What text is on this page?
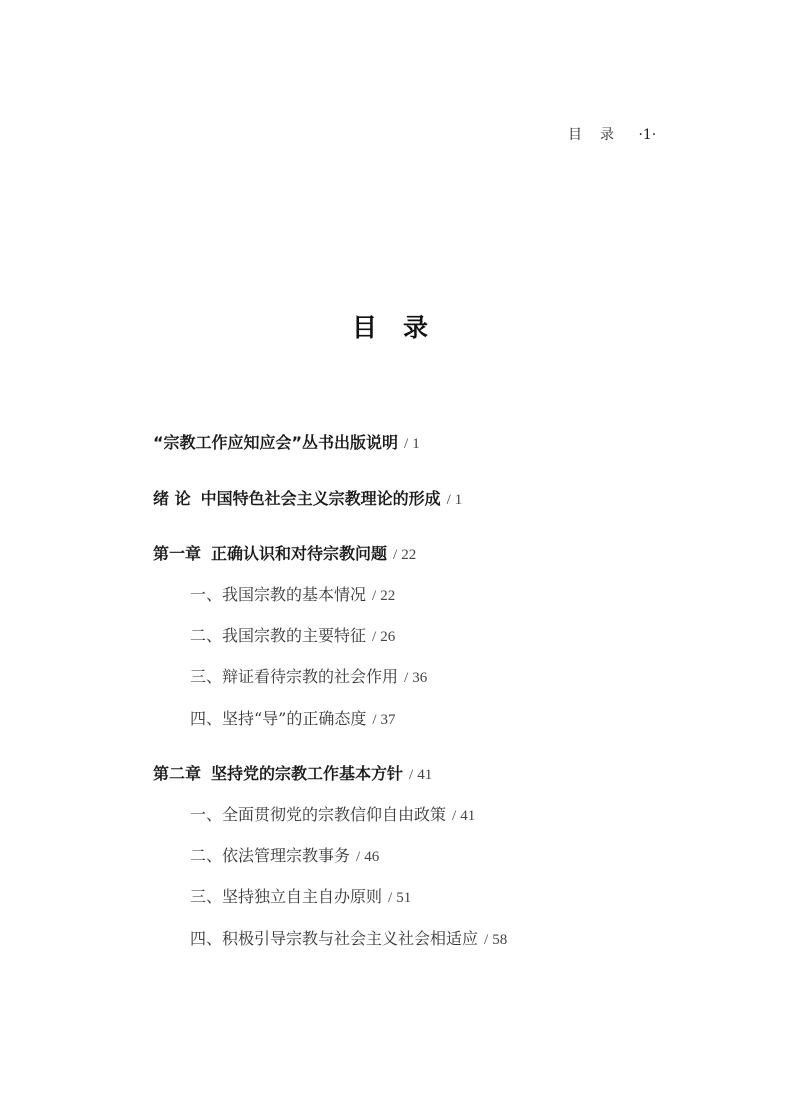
目录 ·1·
目录
“宗教工作应知应会”丛书出版说明 / 1
绪 论 中国特色社会主义宗教理论的形成 / 1
第一章 正确认识和对待宗教问题 / 22
一、我国宗教的基本情况 / 22
二、我国宗教的主要特征 / 26
三、辩证看待宗教的社会作用 / 36
四、坚持“导”的正确态度 / 37
第二章 坚持党的宗教工作基本方针 / 41
一、全面贯彻党的宗教信仰自由政策 / 41
二、依法管理宗教事务 / 46
三、坚持独立自主自办原则 / 51
四、积极引导宗教与社会主义社会相适应 / 58
